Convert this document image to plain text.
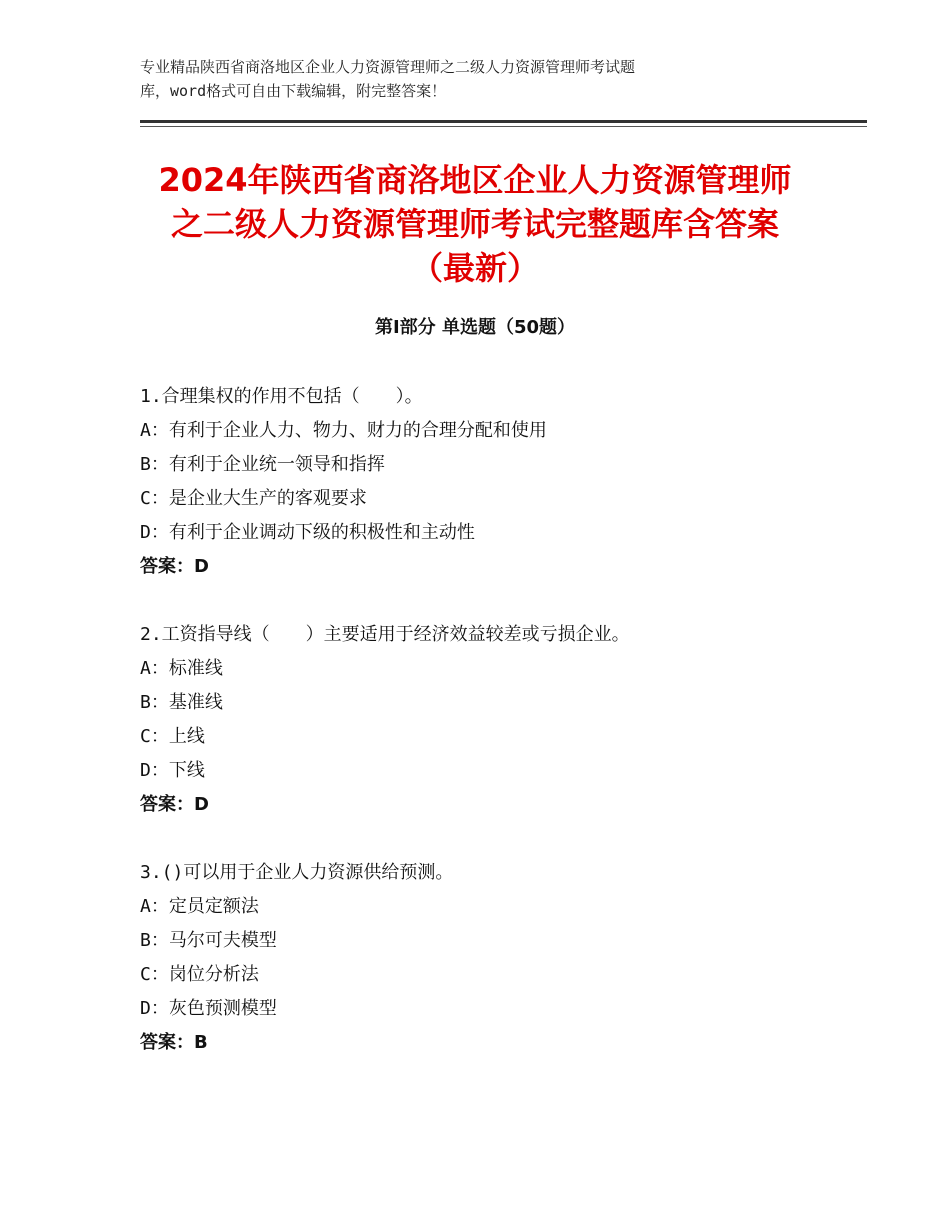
专业精品陕西省商洛地区企业人力资源管理师之二级人力资源管理师考试题
库，word格式可自由下载编辑，附完整答案！
2024年陕西省商洛地区企业人力资源管理师
之二级人力资源管理师考试完整题库含答案
（最新）
第Ⅰ部分 单选题（50题）
1.合理集权的作用不包括（　　）。
A：有利于企业人力、物力、财力的合理分配和使用
B：有利于企业统一领导和指挥
C：是企业大生产的客观要求
D：有利于企业调动下级的积极性和主动性
答案：D
2.工资指导线（　　）主要适用于经济效益较差或亏损企业。
A：标准线
B：基准线
C：上线
D：下线
答案：D
3.()可以用于企业人力资源供给预测。
A：定员定额法
B：马尔可夫模型
C：岗位分析法
D：灰色预测模型
答案：B
